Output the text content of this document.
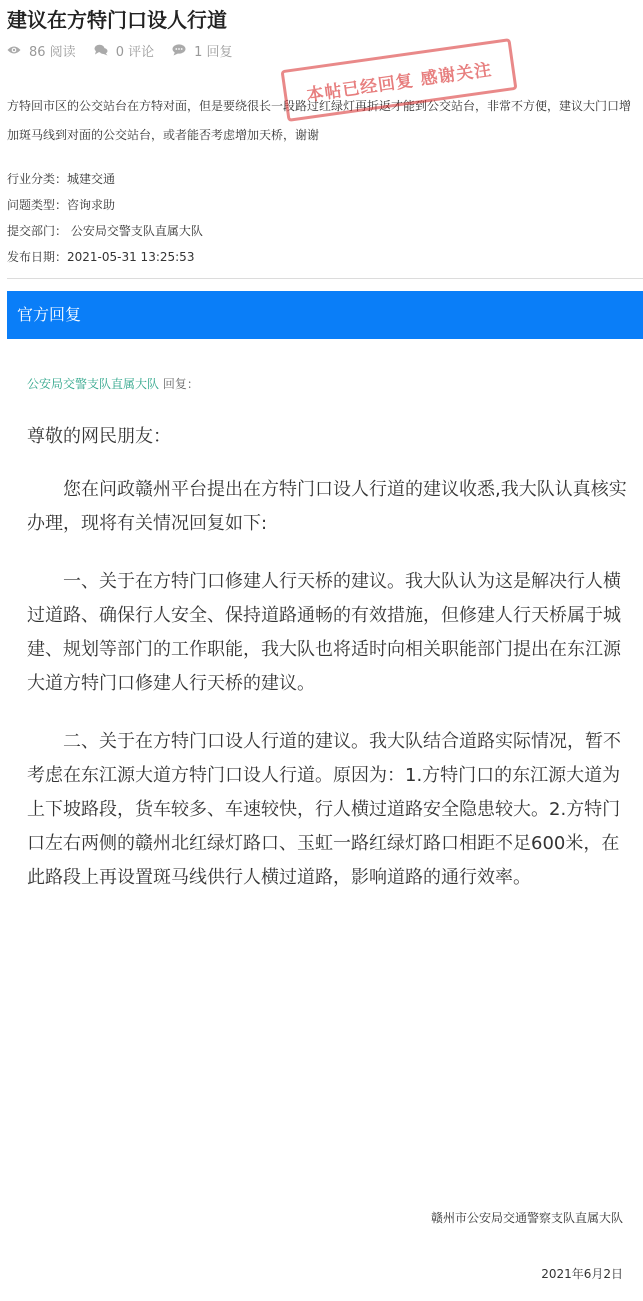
建议在方特门口设人行道
86 阅读	0 评论	1 回复

方特回市区的公交站台在方特对面，但是要绕很长一段路过红绿灯再折返才能到公交站台，非常不方便，建议大门口增加斑马线到对面的公交站台，或者能否考虑增加天桥，谢谢

本帖已经回复 感谢关注
行业分类：城建交通
问题类型：咨询求助
提交部门： 公安局交警支队直属大队
发布日期：2021-05-31 13:25:53
官方回复
公安局交警支队直属大队 回复：

尊敬的网民朋友：

您在问政赣州平台提出在方特门口设人行道的建议收悉,我大队认真核实办理，现将有关情况回复如下:

一、关于在方特门口修建人行天桥的建议。我大队认为这是解决行人横过道路、确保行人安全、保持道路通畅的有效措施，但修建人行天桥属于城建、规划等部门的工作职能，我大队也将适时向相关职能部门提出在东江源大道方特门口修建人行天桥的建议。

二、关于在方特门口设人行道的建议。我大队结合道路实际情况，暂不考虑在东江源大道方特门口设人行道。原因为：1.方特门口的东江源大道为上下坡路段，货车较多、车速较快，行人横过道路安全隐患较大。2.方特门口左右两侧的赣州北红绿灯路口、玉虹一路红绿灯路口相距不足600米，在此路段上再设置斑马线供行人横过道路，影响道路的通行效率。

赣州市公安局交通警察支队直属大队
2021年6月2日
